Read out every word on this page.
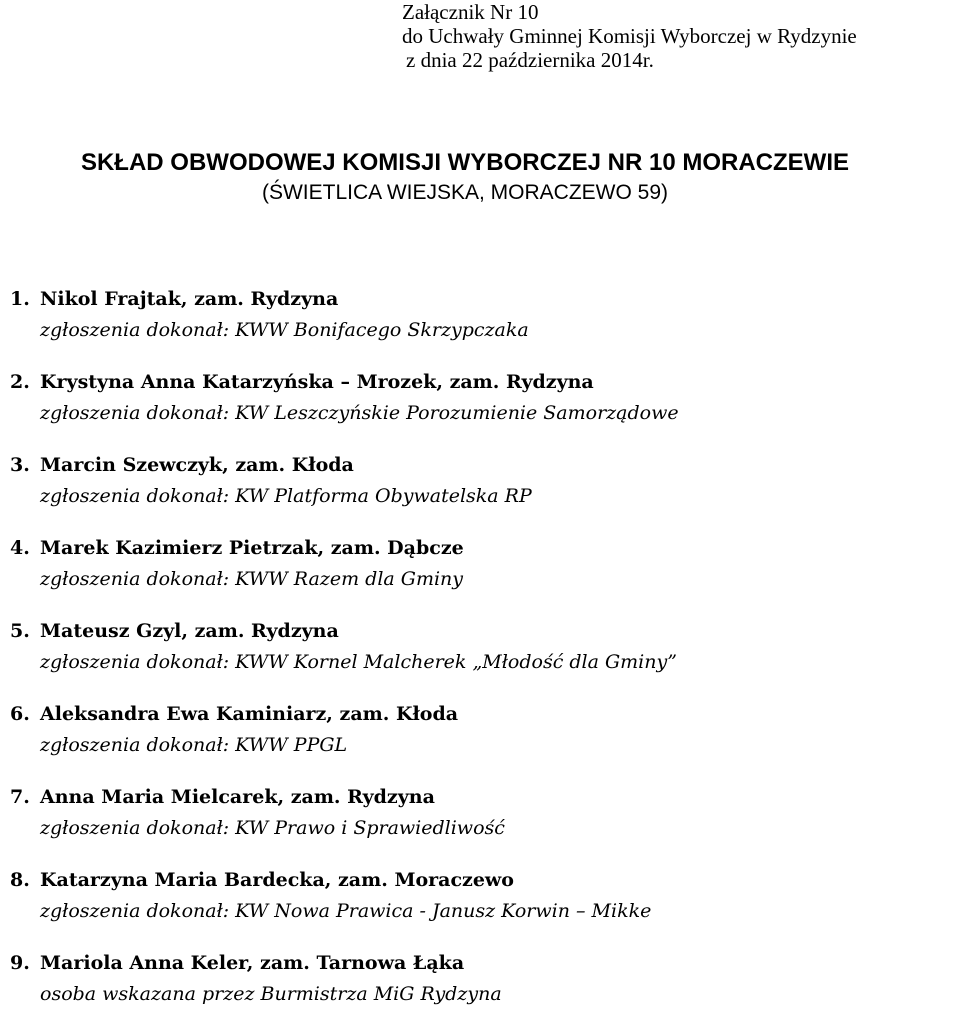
Załącznik Nr 10
do Uchwały Gminnej Komisji Wyborczej w Rydzynie
z dnia 22 października 2014r.
SKŁAD OBWODOWEJ KOMISJI WYBORCZEJ NR 10 MORACZEWIE
(ŚWIETLICA WIEJSKA, MORACZEWO 59)
1. Nikol Frajtak, zam. Rydzyna
zgłoszenia dokonał: KWW Bonifacego Skrzypczaka
2. Krystyna Anna Katarzyńska – Mrozek, zam. Rydzyna
zgłoszenia dokonał: KW Leszczyńskie Porozumienie Samorządowe
3. Marcin Szewczyk, zam. Kłoda
zgłoszenia dokonał: KW Platforma Obywatelska RP
4. Marek Kazimierz Pietrzak, zam. Dąbcze
zgłoszenia dokonał: KWW Razem dla Gminy
5. Mateusz Gzyl, zam. Rydzyna
zgłoszenia dokonał: KWW Kornel Malcherek „Młodość dla Gminy”
6. Aleksandra Ewa Kaminiarz, zam. Kłoda
zgłoszenia dokonał: KWW PPGL
7. Anna Maria Mielcarek, zam. Rydzyna
zgłoszenia dokonał: KW Prawo i Sprawiedliwość
8. Katarzyna Maria Bardecka, zam. Moraczewo
zgłoszenia dokonał: KW Nowa Prawica - Janusz Korwin – Mikke
9. Mariola Anna Keler, zam. Tarnowa Łąka
osoba wskazana przez Burmistrza MiG Rydzyna
